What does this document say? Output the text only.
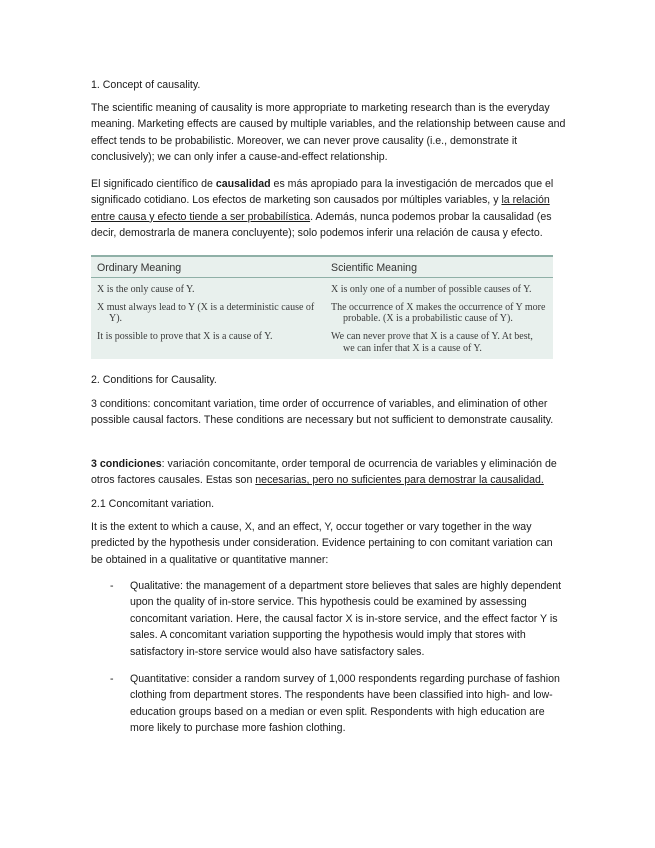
1. Concept of causality.
The scientific meaning of causality is more appropriate to marketing research than is the everyday meaning. Marketing effects are caused by multiple variables, and the relationship between cause and effect tends to be probabilistic. Moreover, we can never prove causality (i.e., demonstrate it conclusively); we can only infer a cause-and-effect relationship.
El significado científico de causalidad es más apropiado para la investigación de mercados que el significado cotidiano. Los efectos de marketing son causados por múltiples variables, y la relación entre causa y efecto tiende a ser probabilística. Además, nunca podemos probar la causalidad (es decir, demostrarla de manera concluyente); solo podemos inferir una relación de causa y efecto.
Ordinary Meaning	Scientific Meaning

X is the only cause of Y.	X is only one of a number of possible causes of Y.

X must always lead to Y (X is a deterministic cause of Y).	The occurrence of X makes the occurrence of Y more probable. (X is a probabilistic cause of Y).

It is possible to prove that X is a cause of Y.	We can never prove that X is a cause of Y. At best, we can infer that X is a cause of Y.
2. Conditions for Causality.
3 conditions: concomitant variation, time order of occurrence of variables, and elimination of other possible causal factors. These conditions are necessary but not sufficient to demonstrate causality.
3 condiciones: variación concomitante, order temporal de ocurrencia de variables y eliminación de otros factores causales. Estas son necesarias, pero no suficientes para demostrar la causalidad.
2.1 Concomitant variation.
It is the extent to which a cause, X, and an effect, Y, occur together or vary together in the way predicted by the hypothesis under consideration. Evidence pertaining to con comitant variation can be obtained in a qualitative or quantitative manner:
-	Qualitative: the management of a department store believes that sales are highly dependent upon the quality of in-store service. This hypothesis could be examined by assessing concomitant variation. Here, the causal factor X is in-store service, and the effect factor Y is sales. A concomitant variation supporting the hypothesis would imply that stores with satisfactory in-store service would also have satisfactory sales.
-	Quantitative: consider a random survey of 1,000 respondents regarding purchase of fashion clothing from department stores. The respondents have been classified into high- and low-education groups based on a median or even split. Respondents with high education are more likely to purchase more fashion clothing.
